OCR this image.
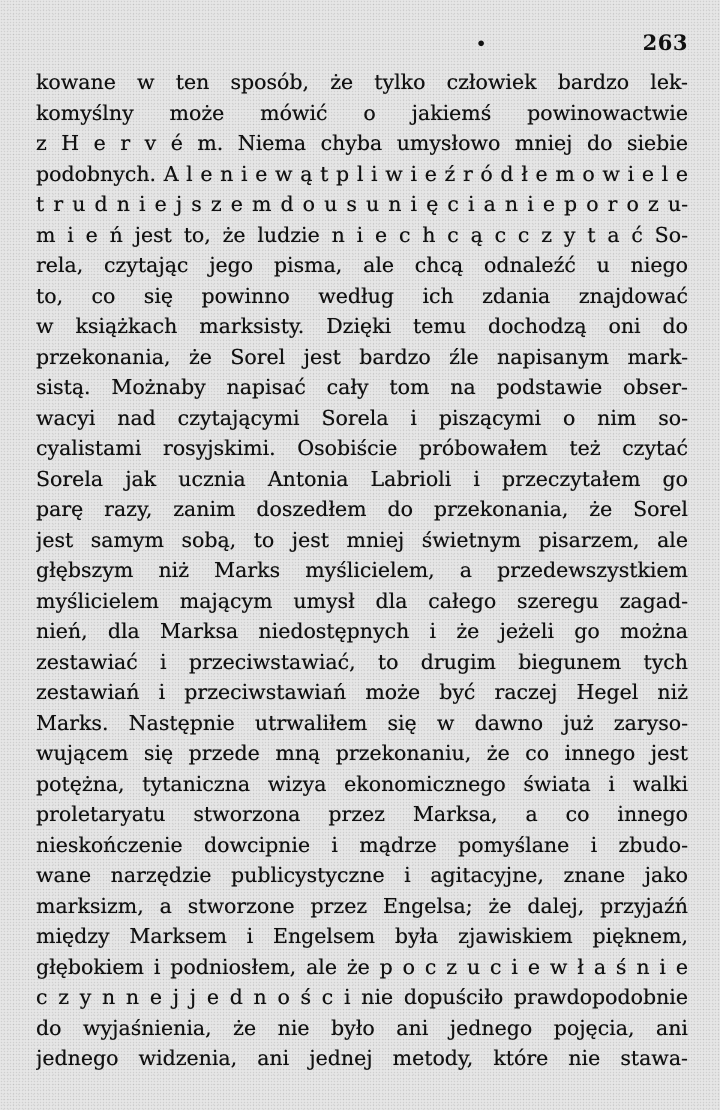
•	263
kowane w ten sposób, że tylko człowiek bardzo lek-
komyślny może mówić o jakiemś powinowactwie
z H e r v é m. Niema chyba umysłowo mniej do siebie
podobnych. A l e n i e w ą t p l i w i e ź r ó d ł e m o w i e l e
t r u d n i e j s z e m d o u s u n i ę c i a n i e p o r o z u-
m i e ń jest to, że ludzie n i e c h c ą c c z y t a ć So-
rela, czytając jego pisma, ale chcą odnaleźć u niego
to, co się powinno według ich zdania znajdować
w książkach marksisty. Dzięki temu dochodzą oni do
przekonania, że Sorel jest bardzo źle napisanym mark-
sistą. Możnaby napisać cały tom na podstawie obser-
wacyi nad czytającymi Sorela i piszącymi o nim so-
cyalistami rosyjskimi. Osobiście próbowałem też czytać
Sorela jak ucznia Antonia Labrioli i przeczytałem go
parę razy, zanim doszedłem do przekonania, że Sorel
jest samym sobą, to jest mniej świetnym pisarzem, ale
głębszym niż Marks myślicielem, a przedewszystkiem
myślicielem mającym umysł dla całego szeregu zagad-
nień, dla Marksa niedostępnych i że jeżeli go można
zestawiać i przeciwstawiać, to drugim biegunem tych
zestawiań i przeciwstawiań może być raczej Hegel niż
Marks. Następnie utrwaliłem się w dawno już zaryso-
wującem się przede mną przekonaniu, że co innego jest
potężna, tytaniczna wizya ekonomicznego świata i walki
proletaryatu stworzona przez Marksa, a co innego
nieskończenie dowcipnie i mądrze pomyślane i zbudo-
wane narzędzie publicystyczne i agitacyjne, znane jako
marksizm, a stworzone przez Engelsa; że dalej, przyjaźń
między Marksem i Engelsem była zjawiskiem pięknem,
głębokiem i podniosłem, ale że p o c z u c i e w ł a ś n i e
c z y n n e j j e d n o ś c i nie dopuściło prawdopodobnie
do wyjaśnienia, że nie było ani jednego pojęcia, ani
jednego widzenia, ani jednej metody, które nie stawa-
